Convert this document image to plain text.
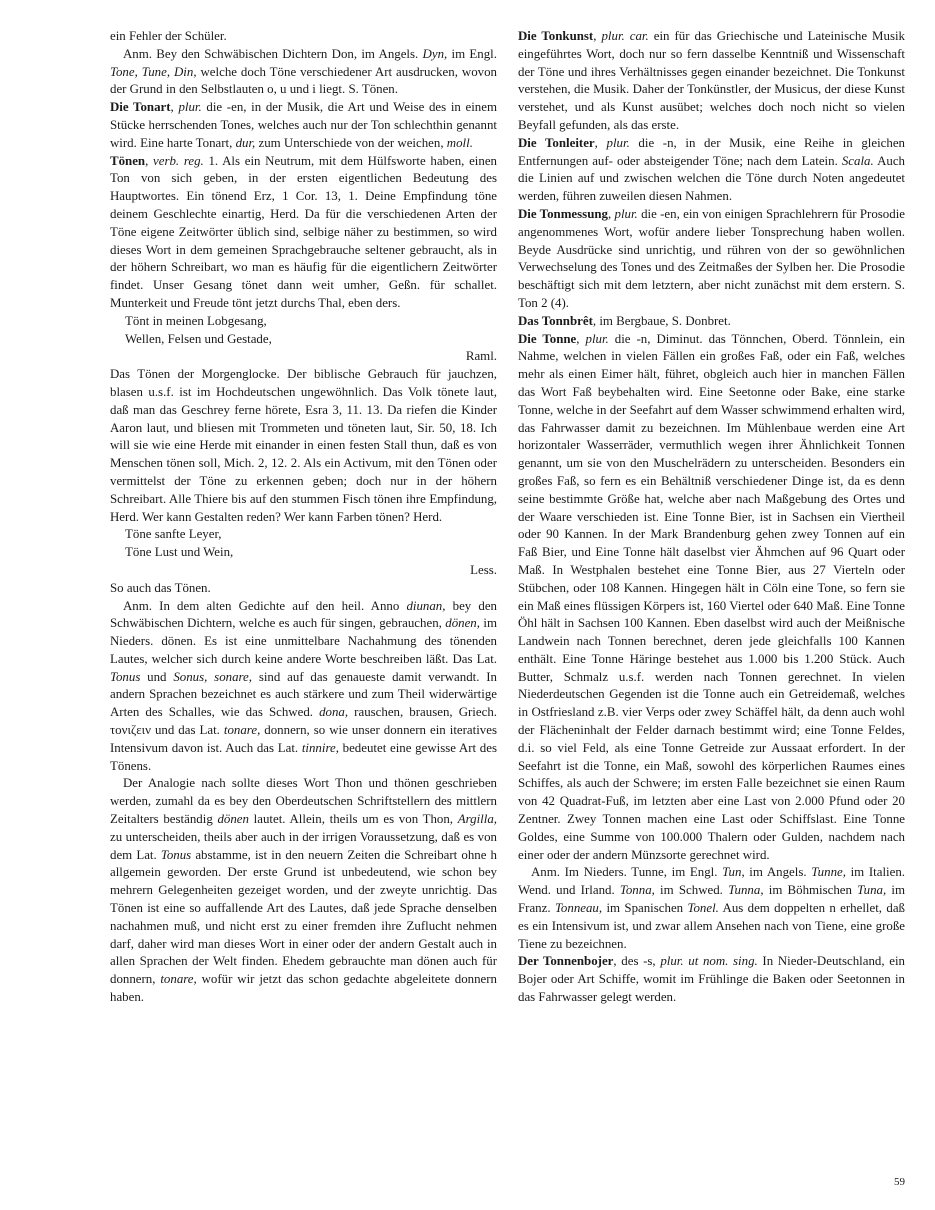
ein Fehler der Schüler.

Anm. Bey den Schwäbischen Dichtern Don, im Angels. Dyn, im Engl. Tone, Tune, Din, welche doch Töne verschiedener Art ausdrucken, wovon der Grund in den Selbstlauten o, u und i liegt. S. Tönen.

Die Tonart, plur. die -en, in der Musik, die Art und Weise des in einem Stücke herrschenden Tones, welches auch nur der Ton schlechthin genannt wird. Eine harte Tonart, dur, zum Unterschiede von der weichen, moll.

Tönen, verb. reg. 1. Als ein Neutrum, mit dem Hülfsworte haben, einen Ton von sich geben, in der ersten eigentlichen Bedeutung des Hauptwortes. Ein tönend Erz, 1 Cor. 13, 1. Deine Empfindung töne deinem Geschlechte einartig, Herd. Da für die verschiedenen Arten der Töne eigene Zeitwörter üblich sind, selbige näher zu bestimmen, so wird dieses Wort in dem gemeinen Sprachgebrauche seltener gebraucht, als in der höhern Schreibart, wo man es häufig für die eigentlichern Zeitwörter findet. Unser Gesang tönet dann weit umher, Geßn. für schallet. Munterkeit und Freude tönt jetzt durchs Thal, eben ders.

Tönt in meinen Lobgesang,

Wellen, Felsen und Gestade,

Raml.

Das Tönen der Morgenglocke. Der biblische Gebrauch für jauchzen, blasen u.s.f. ist im Hochdeutschen ungewöhnlich. Das Volk tönete laut, daß man das Geschrey ferne hörete, Esra 3, 11. 13. Da riefen die Kinder Aaron laut, und bliesen mit Trommeten und töneten laut, Sir. 50, 18. Ich will sie wie eine Herde mit einander in einen festen Stall thun, daß es von Menschen tönen soll, Mich. 2, 12. 2. Als ein Activum, mit den Tönen oder vermittelst der Töne zu erkennen geben; doch nur in der höhern Schreibart. Alle Thiere bis auf den stummen Fisch tönen ihre Empfindung, Herd. Wer kann Gestalten reden? Wer kann Farben tönen? Herd.

Töne sanfte Leyer,

Töne Lust und Wein,

Less.

So auch das Tönen.

Anm. In dem alten Gedichte auf den heil. Anno diunan, bey den Schwäbischen Dichtern, welche es auch für singen, gebrauchen, dönen, im Nieders. dönen. Es ist eine unmittelbare Nachahmung des tönenden Lautes, welcher sich durch keine andere Worte beschreiben läßt. Das Lat. Tonus und Sonus, sonare, sind auf das genaueste damit verwandt. In andern Sprachen bezeichnet es auch stärkere und zum Theil widerwärtige Arten des Schalles, wie das Schwed. dona, rauschen, brausen, Griech. τονιζειν und das Lat. tonare, donnern, so wie unser donnern ein iteratives Intensivum davon ist. Auch das Lat. tinnire, bedeutet eine gewisse Art des Tönens.

Der Analogie nach sollte dieses Wort Thon und thönen geschrieben werden, zumahl da es bey den Oberdeutschen Schriftstellern des mittlern Zeitalters beständig dönen lautet. Allein, theils um es von Thon, Argilla, zu unterscheiden, theils aber auch in der irrigen Voraussetzung, daß es von dem Lat. Tonus abstamme, ist in den neuern Zeiten die Schreibart ohne h allgemein geworden. Der erste Grund ist unbedeutend, wie schon bey mehrern Gelegenheiten gezeiget worden, und der zweyte unrichtig. Das Tönen ist eine so auffallende Art des Lautes, daß jede Sprache denselben nachahmen muß, und nicht erst zu einer fremden ihre Zuflucht nehmen darf, daher wird man dieses Wort in einer oder der andern Gestalt auch in allen Sprachen der Welt finden. Ehedem gebrauchte man dönen auch für donnern, tonare, wofür wir jetzt das schon gedachte abgeleitete donnern haben.

Die Tonkunst, plur. car. ein für das Griechische und Lateinische Musik eingeführtes Wort, doch nur so fern dasselbe Kenntniß und Wissenschaft der Töne und ihres Verhältnisses gegen einander bezeichnet. Die Tonkunst verstehen, die Musik. Daher der Tonkünstler, der Musicus, der diese Kunst verstehet, und als Kunst ausübet; welches doch noch nicht so vielen Beyfall gefunden, als das erste.

Die Tonleiter, plur. die -n, in der Musik, eine Reihe in gleichen Entfernungen auf- oder absteigender Töne; nach dem Latein. Scala. Auch die Linien auf und zwischen welchen die Töne durch Noten angedeutet werden, führen zuweilen diesen Nahmen.

Die Tonmessung, plur. die -en, ein von einigen Sprachlehrern für Prosodie angenommenes Wort, wofür andere lieber Tonsprechung haben wollen. Beyde Ausdrücke sind unrichtig, und rühren von der so gewöhnlichen Verwechselung des Tones und des Zeitmaßes der Sylben her. Die Prosodie beschäftigt sich mit dem letztern, aber nicht zunächst mit dem erstern. S. Ton 2 (4).

Das Tonnbrêt, im Bergbaue, S. Donbret.

Die Tonne, plur. die -n, Diminut. das Tönnchen, Oberd. Tönnlein, ein Nahme, welchen in vielen Fällen ein großes Faß, oder ein Faß, welches mehr als einen Eimer hält, führet, obgleich auch hier in manchen Fällen das Wort Faß beybehalten wird. Eine Seetonne oder Bake, eine starke Tonne, welche in der Seefahrt auf dem Wasser schwimmend erhalten wird, das Fahrwasser damit zu bezeichnen. Im Mühlenbaue werden eine Art horizontaler Wasserräder, vermuthlich wegen ihrer Ähnlichkeit Tonnen genannt, um sie von den Muschelrädern zu unterscheiden. Besonders ein großes Faß, so fern es ein Behältniß verschiedener Dinge ist, da es denn seine bestimmte Größe hat, welche aber nach Maßgebung des Ortes und der Waare verschieden ist. Eine Tonne Bier, ist in Sachsen ein Viertheil oder 90 Kannen. In der Mark Brandenburg gehen zwey Tonnen auf ein Faß Bier, und Eine Tonne hält daselbst vier Ähmchen auf 96 Quart oder Maß. In Westphalen bestehet eine Tonne Bier, aus 27 Vierteln oder Stübchen, oder 108 Kannen. Hingegen hält in Cöln eine Tone, so fern sie ein Maß eines flüssigen Körpers ist, 160 Viertel oder 640 Maß. Eine Tonne Öhl hält in Sachsen 100 Kannen. Eben daselbst wird auch der Meißnische Landwein nach Tonnen berechnet, deren jede gleichfalls 100 Kannen enthält. Eine Tonne Häringe bestehet aus 1.000 bis 1.200 Stück. Auch Butter, Schmalz u.s.f. werden nach Tonnen gerechnet. In vielen Niederdeutschen Gegenden ist die Tonne auch ein Getreidemaß, welches in Ostfriesland z.B. vier Verps oder zwey Schäffel hält, da denn auch wohl der Flächeninhalt der Felder darnach bestimmt wird; eine Tonne Feldes, d.i. so viel Feld, als eine Tonne Getreide zur Aussaat erfordert. In der Seefahrt ist die Tonne, ein Maß, sowohl des körperlichen Raumes eines Schiffes, als auch der Schwere; im ersten Falle bezeichnet sie einen Raum von 42 Quadrat-Fuß, im letzten aber eine Last von 2.000 Pfund oder 20 Zentner. Zwey Tonnen machen eine Last oder Schiffslast. Eine Tonne Goldes, eine Summe von 100.000 Thalern oder Gulden, nachdem nach einer oder der andern Münzsorte gerechnet wird.

Anm. Im Nieders. Tunne, im Engl. Tun, im Angels. Tunne, im Italien. Wend. und Irland. Tonna, im Schwed. Tunna, im Böhmischen Tuna, im Franz. Tonneau, im Spanischen Tonel. Aus dem doppelten n erhellet, daß es ein Intensivum ist, und zwar allem Ansehen nach von Tiene, eine große Tiene zu bezeichnen.

Der Tonnenbojer, des -s, plur. ut nom. sing. In Nieder-Deutschland, ein Bojer oder Art Schiffe, womit im Frühlinge die Baken oder Seetonnen in das Fahrwasser gelegt werden.

59
